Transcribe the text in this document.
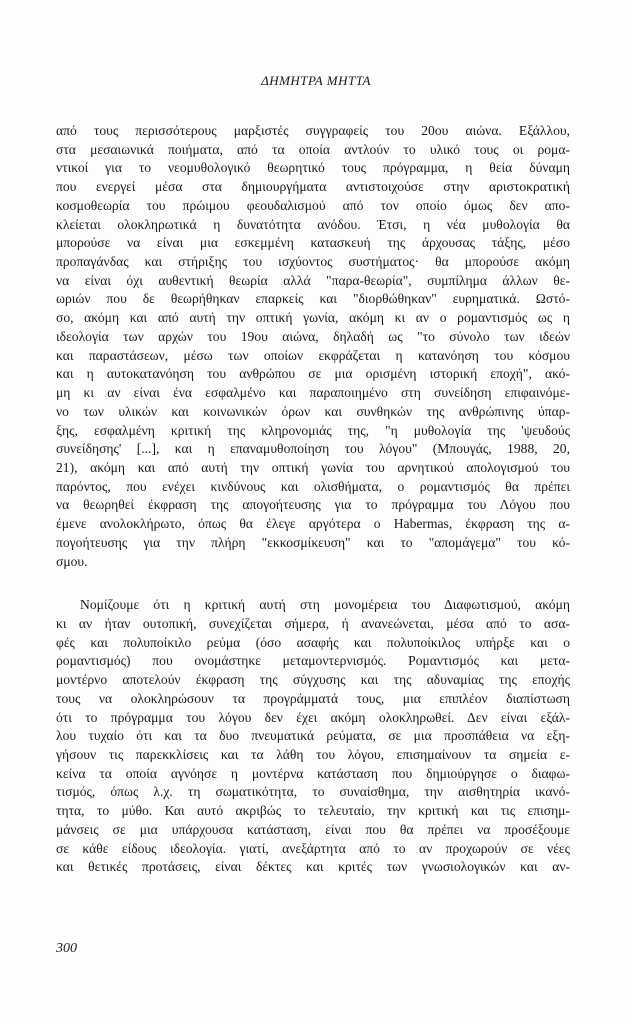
ΔΗΜΗΤΡΑ ΜΗΤΤΑ
από τους περισσότερους μαρξιστές συγγραφείς του 20ου αιώνα. Εξάλλου,
στα μεσαιωνικά ποιήματα, από τα οποία αντλούν το υλικό τους οι ρομα-
ντικοί για το νεομυθολογικό θεωρητικό τους πρόγραμμα, η θεία δύναμη
που ενεργεί μέσα στα δημιουργήματα αντιστοιχούσε στην αριστοκρατική
κοσμοθεωρία του πρώιμου φεουδαλισμού από τον οποίο όμως δεν απο-
κλείεται ολοκληρωτικά η δυνατότητα ανόδου. Έτσι, η νέα μυθολογία θα
μπορούσε να είναι μια εσκεμμένη κατασκευή της άρχουσας τάξης, μέσο
προπαγάνδας και στήριξης του ισχύοντος συστήματος· θα μπορούσε ακόμη
να είναι όχι αυθεντική θεωρία αλλά "παρα-θεωρία", συμπίλημα άλλων θε-
ωριών που δε θεωρήθηκαν επαρκείς και "διορθώθηκαν" ευρηματικά. Ωστό-
σο, ακόμη και από αυτή την οπτική γωνία, ακόμη κι αν ο ρομαντισμός ως η
ιδεολογία των αρχών του 19ου αιώνα, δηλαδή ως "το σύνολο των ιδεών
και παραστάσεων, μέσω των οποίων εκφράζεται η κατανόηση του κόσμου
και η αυτοκατανόηση του ανθρώπου σε μια ορισμένη ιστορική εποχή", ακό-
μη κι αν είναι ένα εσφαλμένο και παραποιημένο στη συνείδηση επιφαινόμε-
νο των υλικών και κοινωνικών όρων και συνθηκών της ανθρώπινης ύπαρ-
ξης, εσφαλμένη κριτική της κληρονομιάς της, "η μυθολογία της 'ψευδούς
συνείδησης' [...], και η επαναμυθοποίηση του λόγου" (Μπουγάς, 1988, 20,
21), ακόμη και από αυτή την οπτική γωνία του αρνητικού απολογισμού του
παρόντος, που ενέχει κινδύνους και ολισθήματα, ο ρομαντισμός θα πρέπει
να θεωρηθεί έκφραση της απογοήτευσης για το πρόγραμμα του Λόγου που
έμενε ανολοκλήρωτο, όπως θα έλεγε αργότερα ο Habermas, έκφραση της α-
πογοήτευσης για την πλήρη "εκκοσμίκευση" και το "απομάγεμα" του κό-
σμου.
Νομίζουμε ότι η κριτική αυτή στη μονομέρεια του Διαφωτισμού, ακόμη
κι αν ήταν ουτοπική, συνεχίζεται σήμερα, ή ανανεώνεται, μέσα από το ασα-
φές και πολυποίκιλο ρεύμα (όσο ασαφής και πολυποίκιλος υπήρξε και ο
ρομαντισμός) που ονομάστηκε μεταμοντερνισμός. Ρομαντισμός και μετα-
μοντέρνο αποτελούν έκφραση της σύγχυσης και της αδυναμίας της εποχής
τους να ολοκληρώσουν τα προγράμματά τους, μια επιπλέον διαπίστωση
ότι το πρόγραμμα του λόγου δεν έχει ακόμη ολοκληρωθεί. Δεν είναι εξάλ-
λου τυχαίο ότι και τα δυο πνευματικά ρεύματα, σε μια προσπάθεια να εξη-
γήσουν τις παρεκκλίσεις και τα λάθη του λόγου, επισημαίνουν τα σημεία ε-
κείνα τα οποία αγνόησε η μοντέρνα κατάσταση που δημιούργησε ο διαφω-
τισμός, όπως λ.χ. τη σωματικότητα, το συναίσθημα, την αισθητηρία ικανό-
τητα, το μύθο. Και αυτό ακριβώς το τελευταίο, την κριτική και τις επισημ-
μάνσεις σε μια υπάρχουσα κατάσταση, είναι που θα πρέπει να προσέξουμε
σε κάθε είδους ιδεολογία. γιατί, ανεξάρτητα από το αν προχωρούν σε νέες
και θετικές προτάσεις, είναι δέκτες και κριτές των γνωσιολογικών και αν-
300
